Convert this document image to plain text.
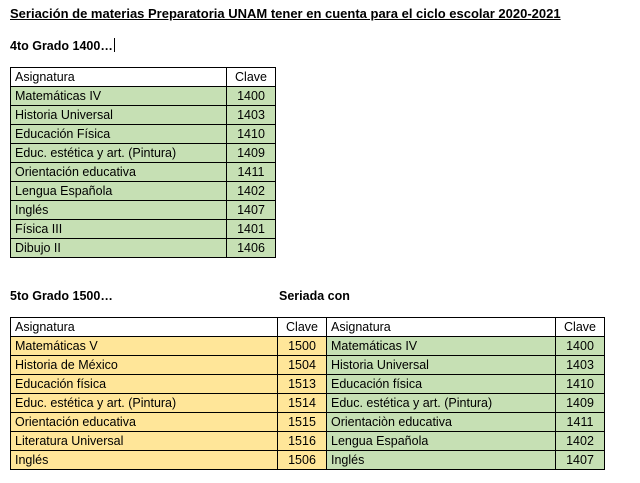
Seriación de materias Preparatoria UNAM tener en cuenta para el ciclo escolar 2020-2021
4to Grado 1400…
Asignatura	Clave
Matemáticas IV	1400
Historia Universal	1403
Educación Física	1410
Educ. estética y art. (Pintura)	1409
Orientación educativa	1411
Lengua Española	1402
Inglés	1407
Física III	1401
Dibujo II	1406
5to Grado 1500…	Seriada con
Asignatura	Clave	Asignatura	Clave
Matemáticas V	1500	Matemáticas IV	1400
Historia de México	1504	Historia Universal	1403
Educación física	1513	Educación física	1410
Educ. estética y art. (Pintura)	1514	Educ. estética y art. (Pintura)	1409
Orientación educativa	1515	Orientaciòn educativa	1411
Literatura Universal	1516	Lengua Española	1402
Inglés	1506	Inglés	1407
